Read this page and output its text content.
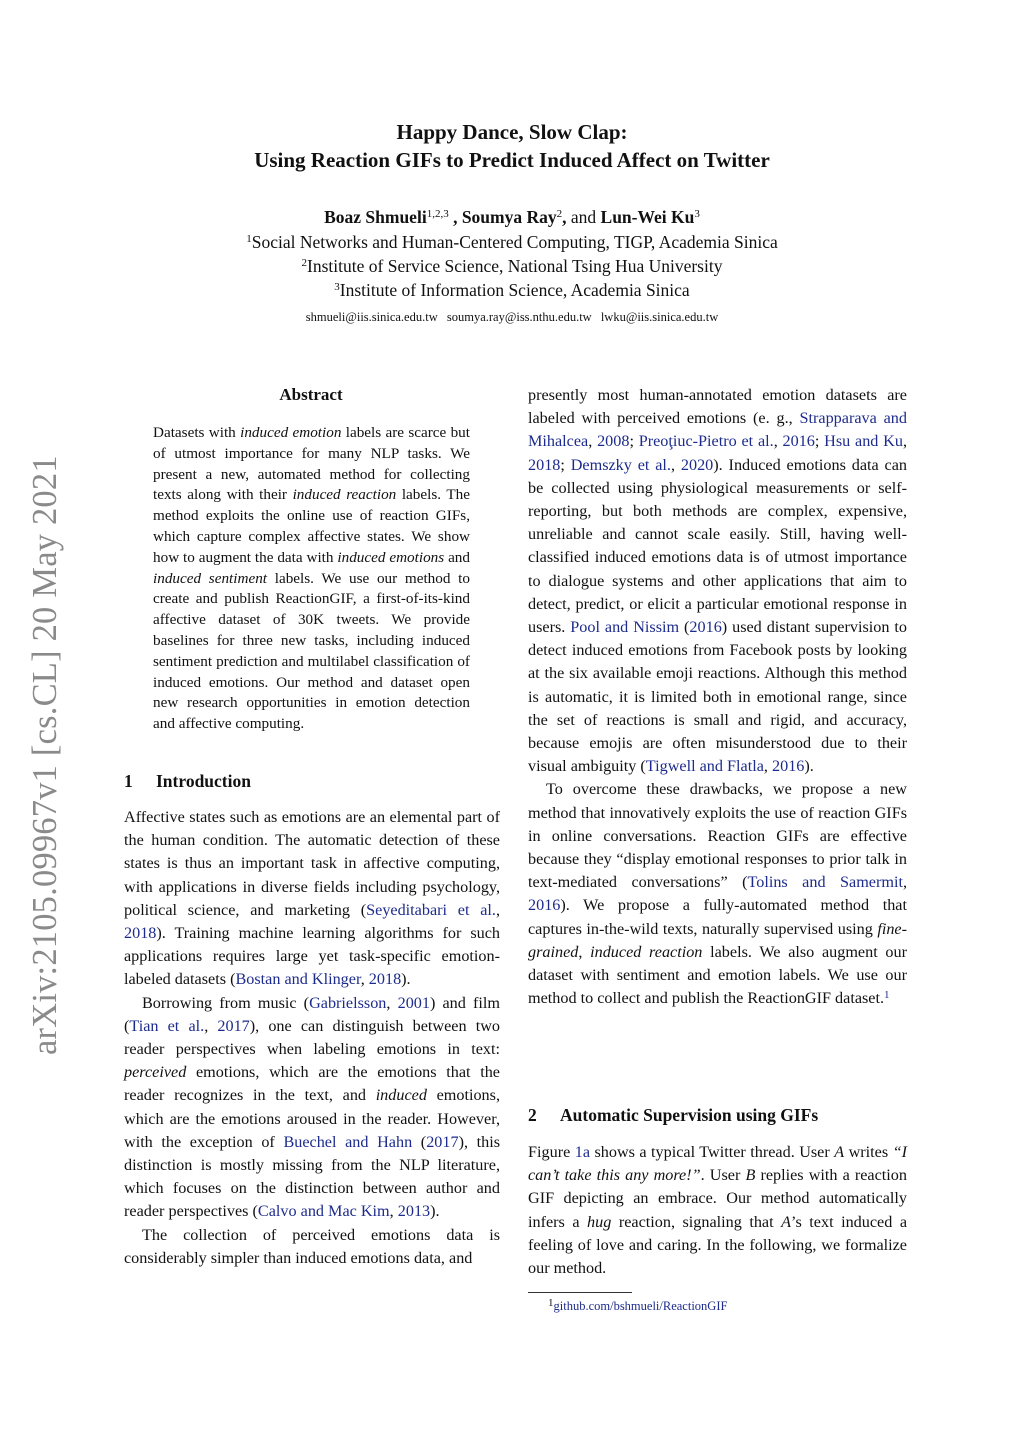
Happy Dance, Slow Clap:
Using Reaction GIFs to Predict Induced Affect on Twitter
Boaz Shmueli$^{1,2,3}$ , Soumya Ray$^2$, and Lun-Wei Ku$^3$
$^1$Social Networks and Human-Centered Computing, TIGP, Academia Sinica
$^2$Institute of Service Science, National Tsing Hua University
$^3$Institute of Information Science, Academia Sinica
shmueli@iis.sinica.edu.tw soumya.ray@iss.nthu.edu.tw lwku@iis.sinica.edu.tw
arXiv:2105.09967v1 [cs.CL] 20 May 2021
Abstract
Datasets with induced emotion labels are scarce but of utmost importance for many NLP tasks. We present a new, automated method for collecting texts along with their induced reaction labels. The method exploits the online use of reaction GIFs, which capture complex affective states. We show how to augment the data with induced emotions and induced sentiment labels. We use our method to create and publish ReactionGIF, a first-of-its-kind affective dataset of 30K tweets. We provide baselines for three new tasks, including induced sentiment prediction and multilabel classification of induced emotions. Our method and dataset open new research opportunities in emotion detection and affective computing.
1 Introduction

Affective states such as emotions are an elemental part of the human condition. The automatic detection of these states is thus an important task in affective computing, with applications in diverse fields including psychology, political science, and marketing (Seyeditabari et al., 2018). Training machine learning algorithms for such applications requires large yet task-specific emotion-labeled datasets (Bostan and Klinger, 2018).

Borrowing from music (Gabrielsson, 2001) and film (Tian et al., 2017), one can distinguish between two reader perspectives when labeling emotions in text: perceived emotions, which are the emotions that the reader recognizes in the text, and induced emotions, which are the emotions aroused in the reader. However, with the exception of Buechel and Hahn (2017), this distinction is mostly missing from the NLP literature, which focuses on the distinction between author and reader perspectives (Calvo and Mac Kim, 2013).

The collection of perceived emotions data is considerably simpler than induced emotions data, and

presently most human-annotated emotion datasets are labeled with perceived emotions (e. g., Strapparava and Mihalcea, 2008; Preoţiuc-Pietro et al., 2016; Hsu and Ku, 2018; Demszky et al., 2020). Induced emotions data can be collected using physiological measurements or self-reporting, but both methods are complex, expensive, unreliable and cannot scale easily. Still, having well-classified induced emotions data is of utmost importance to dialogue systems and other applications that aim to detect, predict, or elicit a particular emotional response in users. Pool and Nissim (2016) used distant supervision to detect induced emotions from Facebook posts by looking at the six available emoji reactions. Although this method is automatic, it is limited both in emotional range, since the set of reactions is small and rigid, and accuracy, because emojis are often misunderstood due to their visual ambiguity (Tigwell and Flatla, 2016).

To overcome these drawbacks, we propose a new method that innovatively exploits the use of reaction GIFs in online conversations. Reaction GIFs are effective because they “display emotional responses to prior talk in text-mediated conversations” (Tolins and Samermit, 2016). We propose a fully-automated method that captures in-the-wild texts, naturally supervised using fine-grained, induced reaction labels. We also augment our dataset with sentiment and emotion labels. We use our method to collect and publish the ReactionGIF dataset.$^1$

2 Automatic Supervision using GIFs

Figure 1a shows a typical Twitter thread. User A writes “I can’t take this any more!”. User B replies with a reaction GIF depicting an embrace. Our method automatically infers a hug reaction, signaling that A’s text induced a feeling of love and caring. In the following, we formalize our method.

$^1$github.com/bshmueli/ReactionGIF
